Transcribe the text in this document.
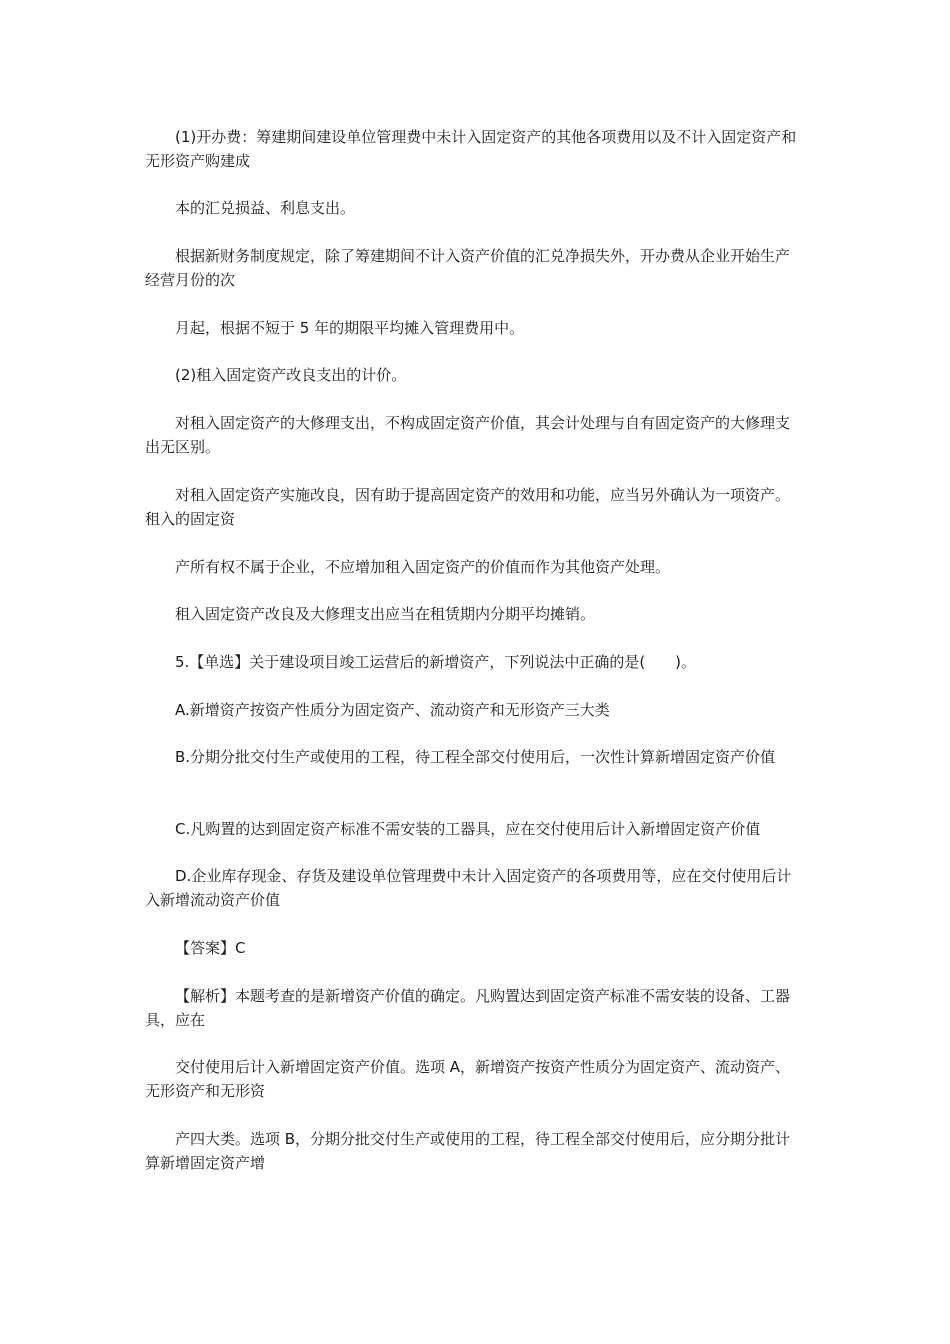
(1)开办费：筹建期间建设单位管理费中未计入固定资产的其他各项费用以及不计入固定资产和无形资产购建成

本的汇兑损益、利息支出。

根据新财务制度规定，除了筹建期间不计入资产价值的汇兑净损失外，开办费从企业开始生产经营月份的次

月起，根据不短于 5 年的期限平均摊入管理费用中。

(2)租入固定资产改良支出的计价。

对租入固定资产的大修理支出，不构成固定资产价值，其会计处理与自有固定资产的大修理支出无区别。

对租入固定资产实施改良，因有助于提高固定资产的效用和功能，应当另外确认为一项资产。租入的固定资

产所有权不属于企业，不应增加租入固定资产的价值而作为其他资产处理。

租入固定资产改良及大修理支出应当在租赁期内分期平均摊销。

5.【单选】关于建设项目竣工运营后的新增资产，下列说法中正确的是(　　)。

A.新增资产按资产性质分为固定资产、流动资产和无形资产三大类

B.分期分批交付生产或使用的工程，待工程全部交付使用后，一次性计算新增固定资产价值

C.凡购置的达到固定资产标准不需安装的工器具，应在交付使用后计入新增固定资产价值

D.企业库存现金、存货及建设单位管理费中未计入固定资产的各项费用等，应在交付使用后计入新增流动资产价值

【答案】C

【解析】本题考查的是新增资产价值的确定。凡购置达到固定资产标准不需安装的设备、工器具，应在

交付使用后计入新增固定资产价值。选项 A，新增资产按资产性质分为固定资产、流动资产、无形资产和无形资

产四大类。选项 B，分期分批交付生产或使用的工程，待工程全部交付使用后，应分期分批计算新增固定资产增
